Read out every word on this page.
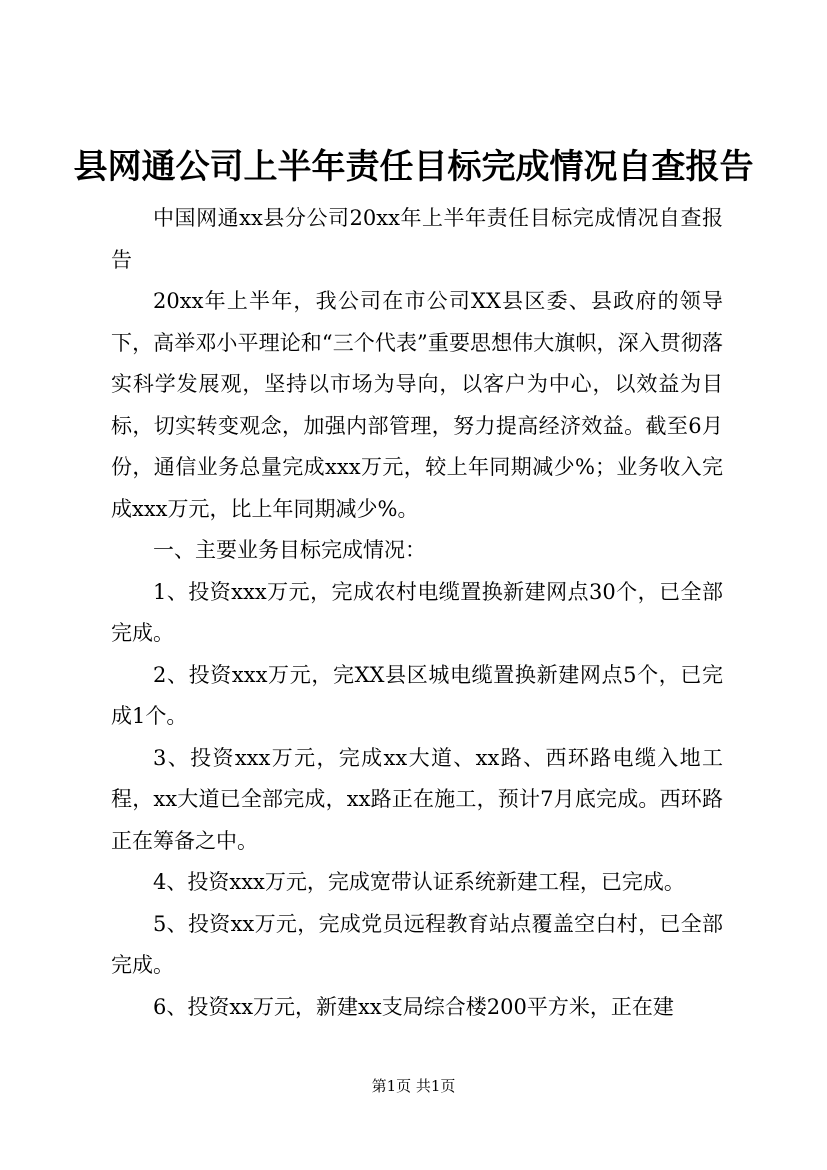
县网通公司上半年责任目标完成情况自查报告

中国网通xx县分公司20xx年上半年责任目标完成情况自查报告

20xx年上半年，我公司在市公司XX县区委、县政府的领导下，高举邓小平理论和“三个代表”重要思想伟大旗帜，深入贯彻落实科学发展观，坚持以市场为导向，以客户为中心，以效益为目标，切实转变观念，加强内部管理，努力提高经济效益。截至6月份，通信业务总量完成xxx万元，较上年同期减少%；业务收入完成xxx万元，比上年同期减少%。

一、主要业务目标完成情况：

1、投资xxx万元，完成农村电缆置换新建网点30个，已全部完成。

2、投资xxx万元，完XX县区城电缆置换新建网点5个，已完成1个。

3、投资xxx万元，完成xx大道、xx路、西环路电缆入地工程，xx大道已全部完成，xx路正在施工，预计7月底完成。西环路正在筹备之中。

4、投资xxx万元，完成宽带认证系统新建工程，已完成。

5、投资xx万元，完成党员远程教育站点覆盖空白村，已全部完成。

6、投资xx万元，新建xx支局综合楼200平方米，正在建

第1页 共1页
